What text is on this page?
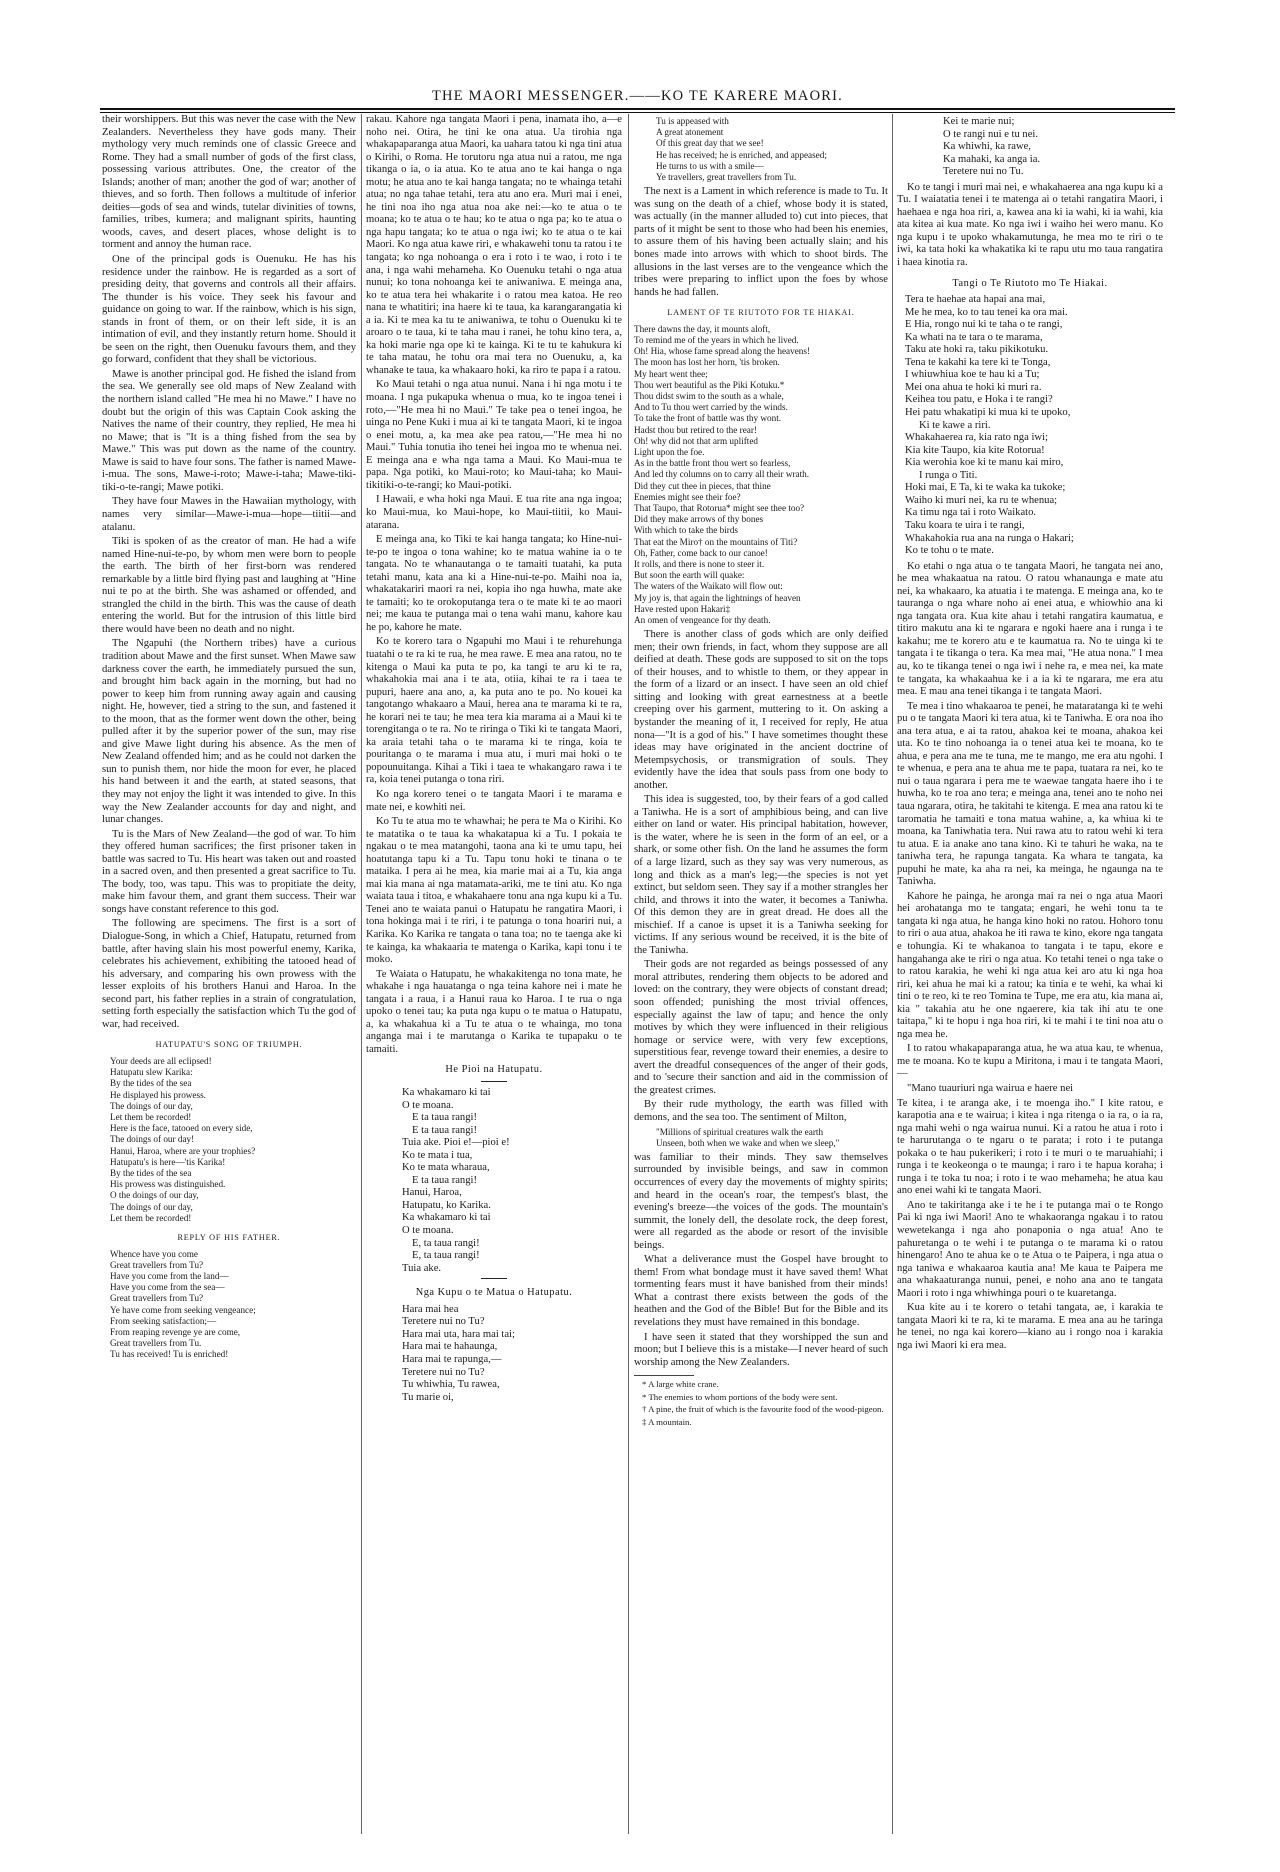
THE MAORI MESSENGER.——KO TE KARERE MAORI.

their worshippers. But this was never the case with the New Zealanders. Nevertheless they have gods many. Their mythology very much reminds one of classic Greece and Rome. They had a small number of gods of the first class, possessing various attributes. One, the creator of the Islands; another of man; another the god of war; another of thieves, and so forth. Then follows a multitude of inferior deities—gods of sea and winds, tutelar divinities of towns, families, tribes, kumera; and malignant spirits, haunting woods, caves, and desert places, whose delight is to torment and annoy the human race.

One of the principal gods is Ouenuku. He has his residence under the rainbow. He is regarded as a sort of presiding deity, that governs and controls all their affairs. The thunder is his voice. They seek his favour and guidance on going to war. If the rainbow, which is his sign, stands in front of them, or on their left side, it is an intimation of evil, and they instantly return home. Should it be seen on the right, then Ouenuku favours them, and they go forward, confident that they shall be victorious.

Mawe is another principal god. He fished the island from the sea. We generally see old maps of New Zealand with the northern island called "He mea hi no Mawe." I have no doubt but the origin of this was Captain Cook asking the Natives the name of their country, they replied, He mea hi no Mawe; that is "It is a thing fished from the sea by Mawe." This was put down as the name of the country. Mawe is said to have four sons. The father is named Mawe-i-mua. The sons, Mawe-i-roto; Mawe-i-taha; Mawe-tiki-tiki-o-te-rangi; Mawe potiki.

They have four Mawes in the Hawaiian mythology, with names very similar—Mawe-i-mua—hope—tiitii—and atalanu.

Tiki is spoken of as the creator of man. He had a wife named Hine-nui-te-po, by whom men were born to people the earth. The birth of her first-born was rendered remarkable by a little bird flying past and laughing at "Hine nui te po at the birth. She was ashamed or offended, and strangled the child in the birth. This was the cause of death entering the world. But for the intrusion of this little bird there would have been no death and no night.

The Ngapuhi (the Northern tribes) have a curious tradition about Mawe and the first sunset. When Mawe saw darkness cover the earth, he immediately pursued the sun, and brought him back again in the morning, but had no power to keep him from running away again and causing night. He, however, tied a string to the sun, and fastened it to the moon, that as the former went down the other, being pulled after it by the superior power of the sun, may rise and give Mawe light during his absence. As the men of New Zealand offended him; and as he could not darken the sun to punish them, nor hide the moon for ever, he placed his hand between it and the earth, at stated seasons, that they may not enjoy the light it was intended to give. In this way the New Zealander accounts for day and night, and lunar changes.

Tu is the Mars of New Zealand—the god of war. To him they offered human sacrifices; the first prisoner taken in battle was sacred to Tu. His heart was taken out and roasted in a sacred oven, and then presented a great sacrifice to Tu. The body, too, was tapu. This was to propitiate the deity, make him favour them, and grant them success. Their war songs have constant reference to this god.

The following are specimens. The first is a sort of Dialogue-Song, in which a Chief, Hatupatu, returned from battle, after having slain his most powerful enemy, Karika, celebrates his achievement, exhibiting the tatooed head of his adversary, and comparing his own prowess with the lesser exploits of his brothers Hanui and Haroa. In the second part, his father replies in a strain of congratulation, setting forth especially the satisfaction which Tu the god of war, had received.

HATUPATU'S SONG OF TRIUMPH.

Your deeds are all eclipsed!
Hatupatu slew Karika:
By the tides of the sea
He displayed his prowess.
The doings of our day,
Let them be recorded!
Here is the face, tatooed on every side,
The doings of our day!
Hanui, Haroa, where are your trophies?
Hatupatu's is here—'tis Karika!
By the tides of the sea
His prowess was distinguished.
O the doings of our day,
The doings of our day,
Let them be recorded!

REPLY OF HIS FATHER.

Whence have you come
Great travellers from Tu?
Have you come from the land—
Have you come from the sea—
Great travellers from Tu?
Ye have come from seeking vengeance;
From seeking satisfaction;—
From reaping revenge ye are come,
Great travellers from Tu.
Tu has received! Tu is enriched!

rakau. Kahore nga tangata Maori i pena, inamata iho, a—e noho nei. Otira, he tini ke ona atua. Ua tirohia nga whakapaparanga atua Maori, ka uahara tatou ki nga tini atua o Kirihi, o Roma. He torutoru nga atua nui a ratou, me nga tikanga o ia, o ia atua. Ko te atua ano te kai hanga o nga motu; he atua ano te kai hanga tangata; no te whainga tetahi atua; no nga tahae tetahi, tera atu ano era. Muri mai i enei, he tini noa iho nga atua noa ake nei:—ko te atua o te moana; ko te atua o te hau; ko te atua o nga pa; ko te atua o nga hapu tangata; ko te atua o nga iwi; ko te atua o te kai Maori. Ko nga atua kawe riri, e whakawehi tonu ta ratou i te tangata; ko nga nohoanga o era i roto i te wao, i roto i te ana, i nga wahi mehameha. Ko Ouenuku tetahi o nga atua nunui; ko tona nohoanga kei te aniwaniwa. E meinga ana, ko te atua tera hei whakarite i o ratou mea katoa. He reo nana te whatitiri; ina haere ki te taua, ka karangarangatia ki a ia. Ki te mea ka tu te aniwaniwa, te tohu o Ouenuku ki te aroaro o te taua, ki te taha mau i ranei, he tohu kino tera, a, ka hoki marie nga ope ki te kainga. Ki te tu te kahukura ki te taha matau, he tohu ora mai tera no Ouenuku, a, ka whanake te taua, ka whakaaro hoki, ka riro te papa i a ratou.

Ko Maui tetahi o nga atua nunui. Nana i hi nga motu i te moana. I nga pukapuka whenua o mua, ko te ingoa tenei i roto,—"He mea hi no Maui." Te take pea o tenei ingoa, he uinga no Pene Kuki i mua ai ki te tangata Maori, ki te ingoa o enei motu, a, ka mea ake pea ratou,—"He mea hi no Maui." Tuhia tonutia iho tenei hei ingoa mo te whenua nei. E meinga ana e wha nga tama a Maui. Ko Maui-mua te papa. Nga potiki, ko Maui-roto; ko Maui-taha; ko Maui-tikitiki-o-te-rangi; ko Maui-potiki.

I Hawaii, e wha hoki nga Maui. E tua rite ana nga ingoa; ko Maui-mua, ko Maui-hope, ko Maui-tiitii, ko Maui-atarana.

E meinga ana, ko Tiki te kai hanga tangata; ko Hine-nui-te-po te ingoa o tona wahine; ko te matua wahine ia o te tangata. No te whanautanga o te tamaiti tuatahi, ka puta tetahi manu, kata ana ki a Hine-nui-te-po. Maihi noa ia, whakatakariri maori ra nei, kopia iho nga huwha, mate ake te tamaiti; ko te orokoputanga tera o te mate ki te ao maori nei; me kaua te putanga mai o tena wahi manu, kahore kau he po, kahore he mate.

Ko te korero tara o Ngapuhi mo Maui i te rehurehunga tuatahi o te ra ki te rua, he mea rawe. E mea ana ratou, no te kitenga o Maui ka puta te po, ka tangi te aru ki te ra, whakahokia mai ana i te ata, otiia, kihai te ra i taea te pupuri, haere ana ano, a, ka puta ano te po. No kouei ka tangotango whakaaro a Maui, herea ana te marama ki te ra, he korari nei te tau; he mea tera kia marama ai a Maui ki te torengitanga o te ra. No te riringa o Tiki ki te tangata Maori, ka araia tetahi taha o te marama ki te ringa, koia te pouritanga o te marama i mua atu, i muri mai hoki o te popounuitanga. Kihai a Tiki i taea te whakangaro rawa i te ra, koia tenei putanga o tona riri.

Ko nga korero tenei o te tangata Maori i te marama e mate nei, e kowhiti nei.

Ko Tu te atua mo te whawhai; he pera te Ma o Kirihi. Ko te matatika o te taua ka whakatapua ki a Tu. I pokaia te ngakau o te mea matangohi, taona ana ki te umu tapu, hei hoatutanga tapu ki a Tu. Tapu tonu hoki te tinana o te mataika. I pera ai he mea, kia marie mai ai a Tu, kia anga mai kia mana ai nga matamata-ariki, me te tini atu. Ko nga waiata taua i titoa, e whakahaere tonu ana nga kupu ki a Tu. Tenei ano te waiata panui o Hatupatu he rangatira Maori, i tona hokinga mai i te riri, i te patunga o tona hoariri nui, a Karika. Ko Karika re tangata o tana toa; no te taenga ake ki te kainga, ka whakaaria te matenga o Karika, kapi tonu i te moko.

Te Waiata o Hatupatu, he whakakitenga no tona mate, he whakahe i nga hauatanga o nga teina kahore nei i mate he tangata i a raua, i a Hanui raua ko Haroa. I te rua o nga upoko o tenei tau; ka puta nga kupu o te matua o Hatupatu, a, ka whakahua ki a Tu te atua o te whainga, mo tona anganga mai i te marutanga o Karika te tupapaku o te tamaiti.

He Pioi na Hatupatu.

Ka whakamaro ki tai
O te moana.
E ta taua rangi!
E ta taua rangi!
Tuia ake. Pioi e!—pioi e!
Ko te mata i tua,
Ko te mata wharaua,
E ta taua rangi!
Hanui, Haroa,
Hatupatu, ko Karika.
Ka whakamaro ki tai
O te moana.
E, ta taua rangi!
E, ta taua rangi!
Tuia ake.

Nga Kupu o te Matua o Hatupatu.

Hara mai hea
Teretere nui no Tu?
Hara mai uta, hara mai tai;
Hara mai te hahaunga,
Hara mai te rapunga,—
Teretere nui no Tu?
Tu whiwhia, Tu rawea,
Tu marie oi,
Tu is appeased with
A great atonement
Of this great day that we see!
He has received; he is enriched, and appeased;
He turns to us with a smile—
Ye travellers, great travellers from Tu.

The next is a Lament in which reference is made to Tu. It was sung on the death of a chief, whose body it is stated, was actually (in the manner alluded to) cut into pieces, that parts of it might be sent to those who had been his enemies, to assure them of his having been actually slain; and his bones made into arrows with which to shoot birds. The allusions in the last verses are to the vengeance which the tribes were preparing to inflict upon the foes by whose hands he had fallen.

LAMENT OF TE RIUTOTO FOR TE HIAKAI.

There dawns the day, it mounts aloft,
To remind me of the years in which he lived.
Oh! Hia, whose fame spread along the heavens!
The moon has lost her horn, 'tis broken.
My heart went thee;
Thou wert beautiful as the Piki Kotuku.*
Thou didst swim to the south as a whale,
And to Tu thou wert carried by the winds.
To take the front of battle was thy wont.
Hadst thou but retired to the rear!
Oh! why did not that arm uplifted
Light upon the foe.
As in the battle front thou wert so fearless,
And led thy columns on to carry all their wrath.
Did they cut thee in pieces, that thine
Enemies might see their foe?
That Taupo, that Rotorua* might see thee too?
Did they make arrows of thy bones
With which to take the birds
That eat the Miro† on the mountains of Titi?
Oh, Father, come back to our canoe!
It rolls, and there is none to steer it.
But soon the earth will quake:
The waters of the Waikato will flow out:
My joy is, that again the lightnings of heaven
Have rested upon Hakari‡
An omen of vengeance for thy death.

There is another class of gods which are only deified men; their own friends, in fact, whom they suppose are all deified at death. These gods are supposed to sit on the tops of their houses, and to whistle to them, or they appear in the form of a lizard or an insect. I have seen an old chief sitting and looking with great earnestness at a beetle creeping over his garment, muttering to it. On asking a bystander the meaning of it, I received for reply, He atua nona—"It is a god of his." I have sometimes thought these ideas may have originated in the ancient doctrine of Metempsychosis, or transmigration of souls. They evidently have the idea that souls pass from one body to another.

This idea is suggested, too, by their fears of a god called a Taniwha. He is a sort of amphibious being, and can live either on land or water. His principal habitation, however, is the water, where he is seen in the form of an eel, or a shark, or some other fish. On the land he assumes the form of a large lizard, such as they say was very numerous, as long and thick as a man's leg;—the species is not yet extinct, but seldom seen. They say if a mother strangles her child, and throws it into the water, it becomes a Taniwha. Of this demon they are in great dread. He does all the mischief. If a canoe is upset it is a Taniwha seeking for victims. If any serious wound be received, it is the bite of the Taniwha.

Their gods are not regarded as beings possessed of any moral attributes, rendering them objects to be adored and loved: on the contrary, they were objects of constant dread; soon offended; punishing the most trivial offences, especially against the law of tapu; and hence the only motives by which they were influenced in their religious homage or service were, with very few exceptions, superstitious fear, revenge toward their enemies, a desire to avert the dreadful consequences of the anger of their gods, and to 'secure their sanction and aid in the commission of the greatest crimes.

By their rude mythology, the earth was filled with demons, and the sea too. The sentiment of Milton,

"Millions of spiritual creatures walk the earth
Unseen, both when we wake and when we sleep,"

was familiar to their minds. They saw themselves surrounded by invisible beings, and saw in common occurrences of every day the movements of mighty spirits; and heard in the ocean's roar, the tempest's blast, the evening's breeze—the voices of the gods. The mountain's summit, the lonely dell, the desolate rock, the deep forest, were all regarded as the abode or resort of the invisible beings.

What a deliverance must the Gospel have brought to them! From what bondage must it have saved them! What tormenting fears must it have banished from their minds! What a contrast there exists between the gods of the heathen and the God of the Bible! But for the Bible and its revelations they must have remained in this bondage.

I have seen it stated that they worshipped the sun and moon; but I believe this is a mistake—I never heard of such worship among the New Zealanders.

* A large white crane.

* The enemies to whom portions of the body were sent.

† A pine, the fruit of which is the favourite food of the wood-pigeon.

‡ A mountain.

Kei te marie nui;
O te rangi nui e tu nei.
Ka whiwhi, ka rawe,
Ka mahaki, ka anga ia.
Teretere nui no Tu.

Ko te tangi i muri mai nei, e whakahaerea ana nga kupu ki a Tu. I waiatatia tenei i te matenga ai o tetahi rangatira Maori, i haehaea e nga hoa riri, a, kawea ana ki ia wahi, ki ia wahi, kia ata kitea ai kua mate. Ko nga iwi i waiho hei wero manu. Ko nga kupu i te upoko whakamutunga, he mea mo te riri o te iwi, ka tata hoki ka whakatika ki te rapu utu mo taua rangatira i haea kinotia ra.

Tangi o Te Riutoto mo Te Hiakai.

Tera te haehae ata hapai ana mai,
Me he mea, ko to tau tenei ka ora mai.
E Hia, rongo nui ki te taha o te rangi,
Ka whati na te tara o te marama,
Taku ate hoki ra, taku pikikotuku.
Tena te kakahi ka tere ki te Tonga,
I whiuwhiua koe te hau ki a Tu;
Mei ona ahua te hoki ki muri ra.
Keihea tou patu, e Hoka i te rangi?
Hei patu whakatipi ki mua ki te upoko,
Ki te kawe a riri.
Whakahaerea ra, kia rato nga iwi;
Kia kite Taupo, kia kite Rotorua!
Kia werohia koe ki te manu kai miro,
I runga o Titi.
Hoki mai, E Ta, ki te waka ka tukoke;
Waiho ki muri nei, ka ru te whenua;
Ka timu nga tai i roto Waikato.
Taku koara te uira i te rangi,
Whakahokia rua ana na runga o Hakari;
Ko te tohu o te mate.

Ko etahi o nga atua o te tangata Maori, he tangata nei ano, he mea whakaatua na ratou. O ratou whanaunga e mate atu nei, ka whakaaro, ka atuatia i te matenga. E meinga ana, ko te tauranga o nga whare noho ai enei atua, e whiowhio ana ki nga tangata ora. Kua kite ahau i tetahi rangatira kaumatua, e titiro makutu ana ki te ngarara e ngoki haere ana i runga i te kakahu; me te korero atu e te kaumatua ra. No te uinga ki te tangata i te tikanga o tera. Ka mea mai, "He atua nona." I mea au, ko te tikanga tenei o nga iwi i nehe ra, e mea nei, ka mate te tangata, ka whakaahua ke i a ia ki te ngarara, me era atu mea. E mau ana tenei tikanga i te tangata Maori.

Te mea i tino whakaaroa te penei, he mataratanga ki te wehi pu o te tangata Maori ki tera atua, ki te Taniwha. E ora noa iho ana tera atua, e ai ta ratou, ahakoa kei te moana, ahakoa kei uta. Ko te tino nohoanga ia o tenei atua kei te moana, ko te ahua, e pera ana me te tuna, me te mango, me era atu ngohi. I te whenua, e pera ana te ahua me te papa, tuatara ra nei, ko te nui o taua ngarara i pera me te waewae tangata haere iho i te huwha, ko te roa ano tera; e meinga ana, tenei ano te noho nei taua ngarara, otira, he takitahi te kitenga. E mea ana ratou ki te taromatia he tamaiti e tona matua wahine, a, ka whiua ki te moana, ka Taniwhatia tera. Nui rawa atu to ratou wehi ki tera tu atua. E ia anake ano tana kino. Ki te tahuri he waka, na te taniwha tera, he rapunga tangata. Ka whara te tangata, ka pupuhi he mate, ka aha ra nei, ka meinga, he ngaunga na te Taniwha.

Kahore he painga, he aronga mai ra nei o nga atua Maori hei arohatanga mo te tangata; engari, he wehi tonu ta te tangata ki nga atua, he hanga kino hoki no ratou. Hohoro tonu to riri o aua atua, ahakoa he iti rawa te kino, ekore nga tangata e tohungia. Ki te whakanoa to tangata i te tapu, ekore e hangahanga ake te riri o nga atua. Ko tetahi tenei o nga take o to ratou karakia, he wehi ki nga atua kei aro atu ki nga hoa riri, kei ahua he mai ki a ratou; ka tinia e te wehi, ka whai ki tini o te reo, ki te reo Tomina te Tupe, me era atu, kia mana ai, kia " takahia atu he one ngaerere, kia tak ihi atu te one taitapa," ki te hopu i nga hoa riri, ki te mahi i te tini noa atu o nga mea he.

I to ratou whakapaparanga atua, he wa atua kau, te whenua, me te moana. Ko te kupu a Miritona, i mau i te tangata Maori,—

"Mano tuauriuri nga wairua e haere nei

Te kitea, i te aranga ake, i te moenga iho." I kite ratou, e karapotia ana e te wairua; i kitea i nga ritenga o ia ra, o ia ra, nga mahi wehi o nga wairua nunui. Ki a ratou he atua i roto i te harurutanga o te ngaru o te parata; i roto i te putanga pokaka o te hau pukerikeri; i roto i te muri o te maruahiahi; i runga i te keokeonga o te maunga; i raro i te hapua koraha; i runga i te toka tu noa; i roto i te wao mehameha; he atua kau ano enei wahi ki te tangata Maori.

Ano te takiritanga ake i te he i te putanga mai o te Rongo Pai ki nga iwi Maori! Ano te whakaoranga ngakau i to ratou wewetekanga i nga aho ponaponia o nga atua! Ano te pahuretanga o te wehi i te putanga o te marama ki o ratou hinengaro! Ano te ahua ke o te Atua o te Paipera, i nga atua o nga taniwa e whakaaroa kautia ana! Me kaua te Paipera me ana whakaaturanga nunui, penei, e noho ana ano te tangata Maori i roto i nga whiwhinga pouri o te kuaretanga.

Kua kite au i te korero o tetahi tangata, ae, i karakia te tangata Maori ki te ra, ki te marama. E mea ana au he taringa he tenei, no nga kai korero—kiano au i rongo noa i karakia nga iwi Maori ki era mea.
